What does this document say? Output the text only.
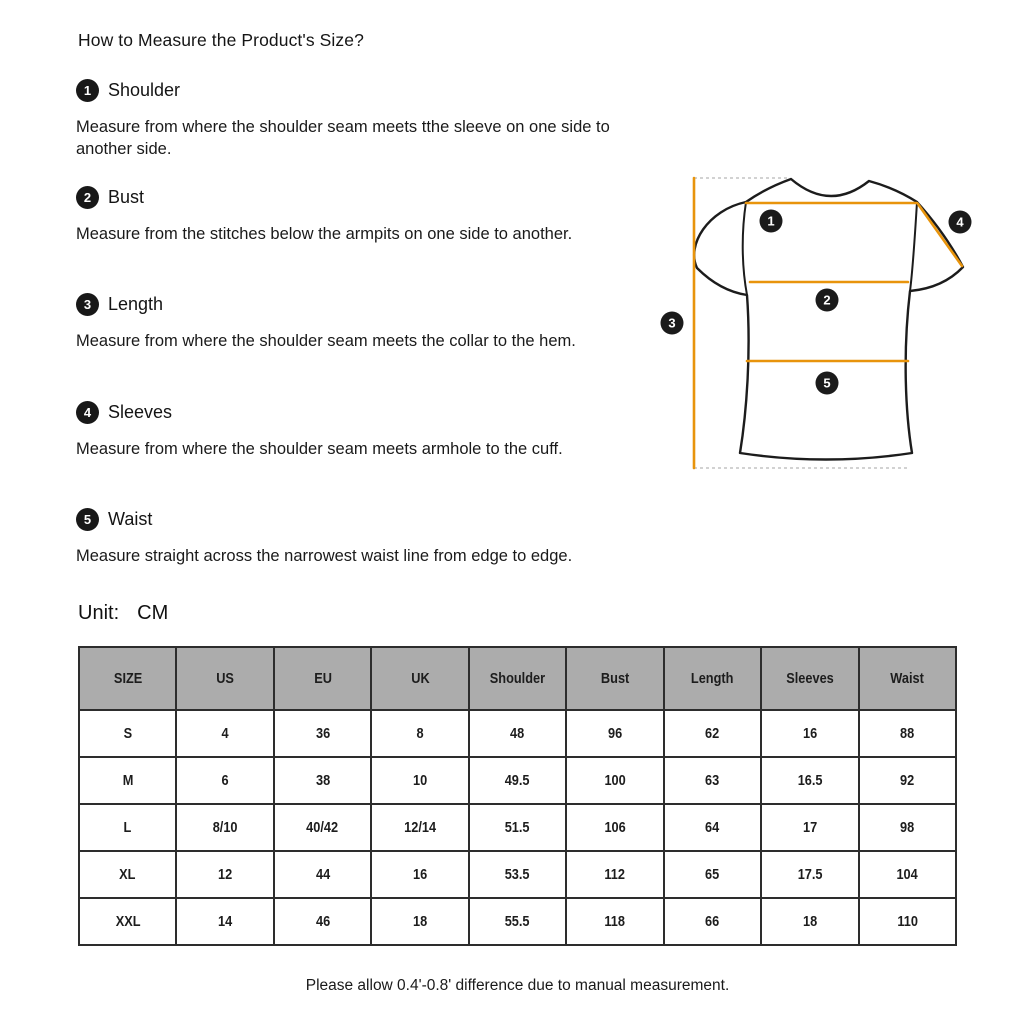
How to Measure the Product's Size?
1 Shoulder
Measure from where the shoulder seam meets tthe sleeve on one side to another side.
2 Bust
Measure from the stitches below the armpits on one side to another.
3 Length
Measure from where the shoulder seam meets the collar to the hem.
4 Sleeves
Measure from where the shoulder seam meets armhole to the cuff.
5 Waist
Measure straight across the narrowest waist line from edge to edge.
1
2
3
4
5
Unit: CM
SIZE	US	EU	UK	Shoulder	Bust	Length	Sleeves	Waist
S	4	36	8	48	96	62	16	88
M	6	38	10	49.5	100	63	16.5	92
L	8/10	40/42	12/14	51.5	106	64	17	98
XL	12	44	16	53.5	112	65	17.5	104
XXL	14	46	18	55.5	118	66	18	110
Please allow 0.4'-0.8' difference due to manual measurement.
